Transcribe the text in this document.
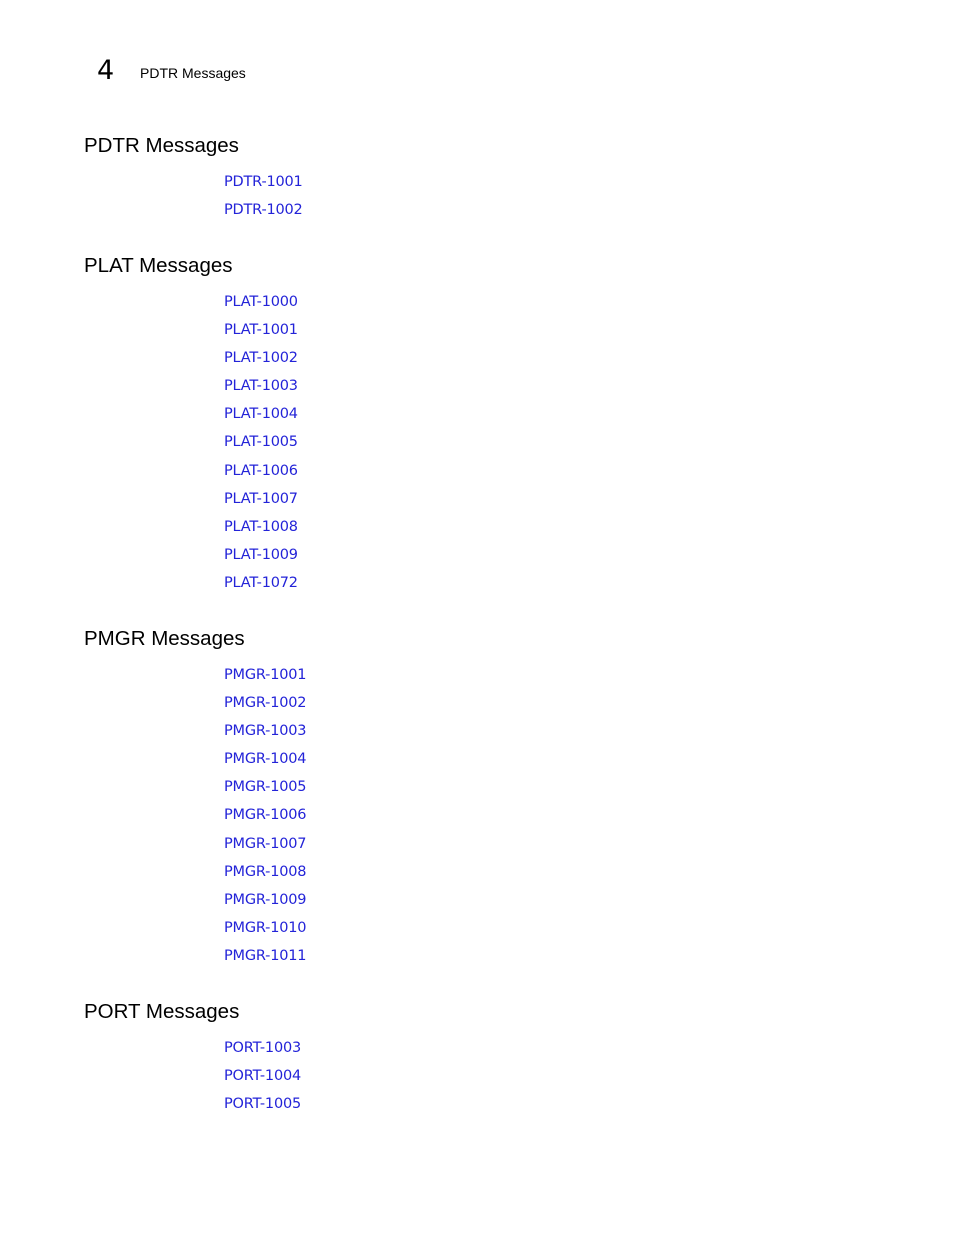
4 PDTR Messages
PDTR Messages
PDTR-1001
PDTR-1002
PLAT Messages
PLAT-1000
PLAT-1001
PLAT-1002
PLAT-1003
PLAT-1004
PLAT-1005
PLAT-1006
PLAT-1007
PLAT-1008
PLAT-1009
PLAT-1072
PMGR Messages
PMGR-1001
PMGR-1002
PMGR-1003
PMGR-1004
PMGR-1005
PMGR-1006
PMGR-1007
PMGR-1008
PMGR-1009
PMGR-1010
PMGR-1011
PORT Messages
PORT-1003
PORT-1004
PORT-1005
